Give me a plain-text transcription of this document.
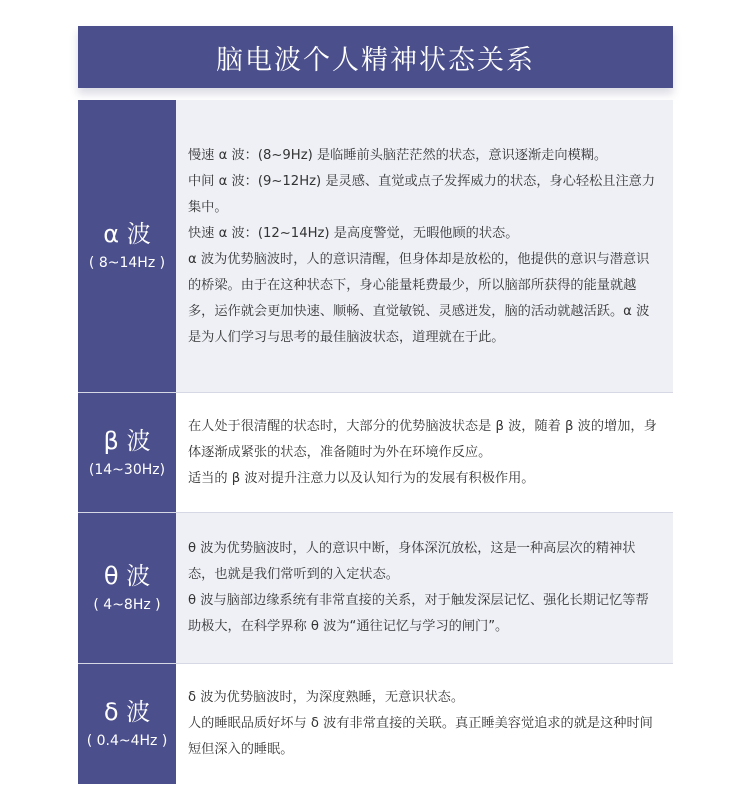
脑电波个人精神状态关系
α 波
( 8~14Hz )

慢速 α 波：(8~9Hz) 是临睡前头脑茫茫然的状态，意识逐渐走向模糊。

中间 α 波：(9~12Hz) 是灵感、直觉或点子发挥威力的状态，身心轻松且注意力集中。

快速 α 波：(12~14Hz) 是高度警觉，无暇他顾的状态。

α 波为优势脑波时，人的意识清醒，但身体却是放松的，他提供的意识与潜意识的桥梁。由于在这种状态下，身心能量耗费最少，所以脑部所获得的能量就越多，运作就会更加快速、顺畅、直觉敏锐、灵感迸发，脑的活动就越活跃。α 波是为人们学习与思考的最佳脑波状态，道理就在于此。

β 波
(14~30Hz)

在人处于很清醒的状态时，大部分的优势脑波状态是 β 波，随着 β 波的增加，身体逐渐成紧张的状态，准备随时为外在环境作反应。

适当的 β 波对提升注意力以及认知行为的发展有积极作用。

θ 波
( 4~8Hz )

θ 波为优势脑波时，人的意识中断，身体深沉放松，这是一种高层次的精神状态，也就是我们常听到的入定状态。

θ 波与脑部边缘系统有非常直接的关系，对于触发深层记忆、强化长期记忆等帮助极大，在科学界称 θ 波为“通往记忆与学习的闸门”。

δ 波
( 0.4~4Hz )

δ 波为优势脑波时，为深度熟睡，无意识状态。

人的睡眠品质好坏与 δ 波有非常直接的关联。真正睡美容觉追求的就是这种时间短但深入的睡眠。
